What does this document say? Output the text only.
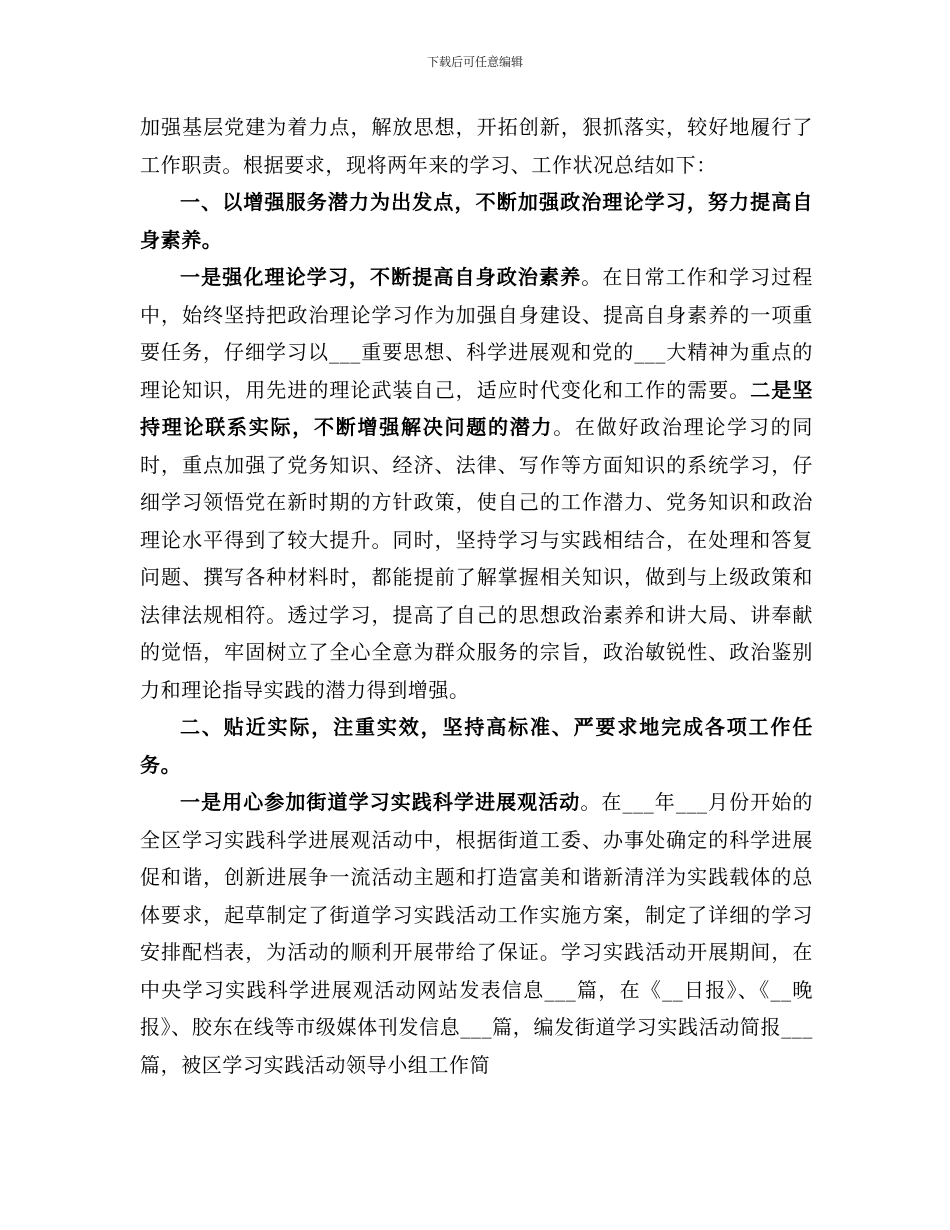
下载后可任意编辑

加强基层党建为着力点，解放思想，开拓创新，狠抓落实，较好地履行了工作职责。根据要求，现将两年来的学习、工作状况总结如下：

一、以增强服务潜力为出发点，不断加强政治理论学习，努力提高自身素养。

一是强化理论学习，不断提高自身政治素养。在日常工作和学习过程中，始终坚持把政治理论学习作为加强自身建设、提高自身素养的一项重要任务，仔细学习以___重要思想、科学进展观和党的___大精神为重点的理论知识，用先进的理论武装自己，适应时代变化和工作的需要。二是坚持理论联系实际，不断增强解决问题的潜力。在做好政治理论学习的同时，重点加强了党务知识、经济、法律、写作等方面知识的系统学习，仔细学习领悟党在新时期的方针政策，使自己的工作潜力、党务知识和政治理论水平得到了较大提升。同时，坚持学习与实践相结合，在处理和答复问题、撰写各种材料时，都能提前了解掌握相关知识，做到与上级政策和法律法规相符。透过学习，提高了自己的思想政治素养和讲大局、讲奉献的觉悟，牢固树立了全心全意为群众服务的宗旨，政治敏锐性、政治鉴别力和理论指导实践的潜力得到增强。

二、贴近实际，注重实效，坚持高标准、严要求地完成各项工作任务。

一是用心参加街道学习实践科学进展观活动。在___年___月份开始的全区学习实践科学进展观活动中，根据街道工委、办事处确定的科学进展促和谐，创新进展争一流活动主题和打造富美和谐新清洋为实践载体的总体要求，起草制定了街道学习实践活动工作实施方案，制定了详细的学习安排配档表，为活动的顺利开展带给了保证。学习实践活动开展期间，在中央学习实践科学进展观活动网站发表信息___篇，在《__日报》、《__晚报》、胶东在线等市级媒体刊发信息___篇，编发街道学习实践活动简报___篇，被区学习实践活动领导小组工作简
